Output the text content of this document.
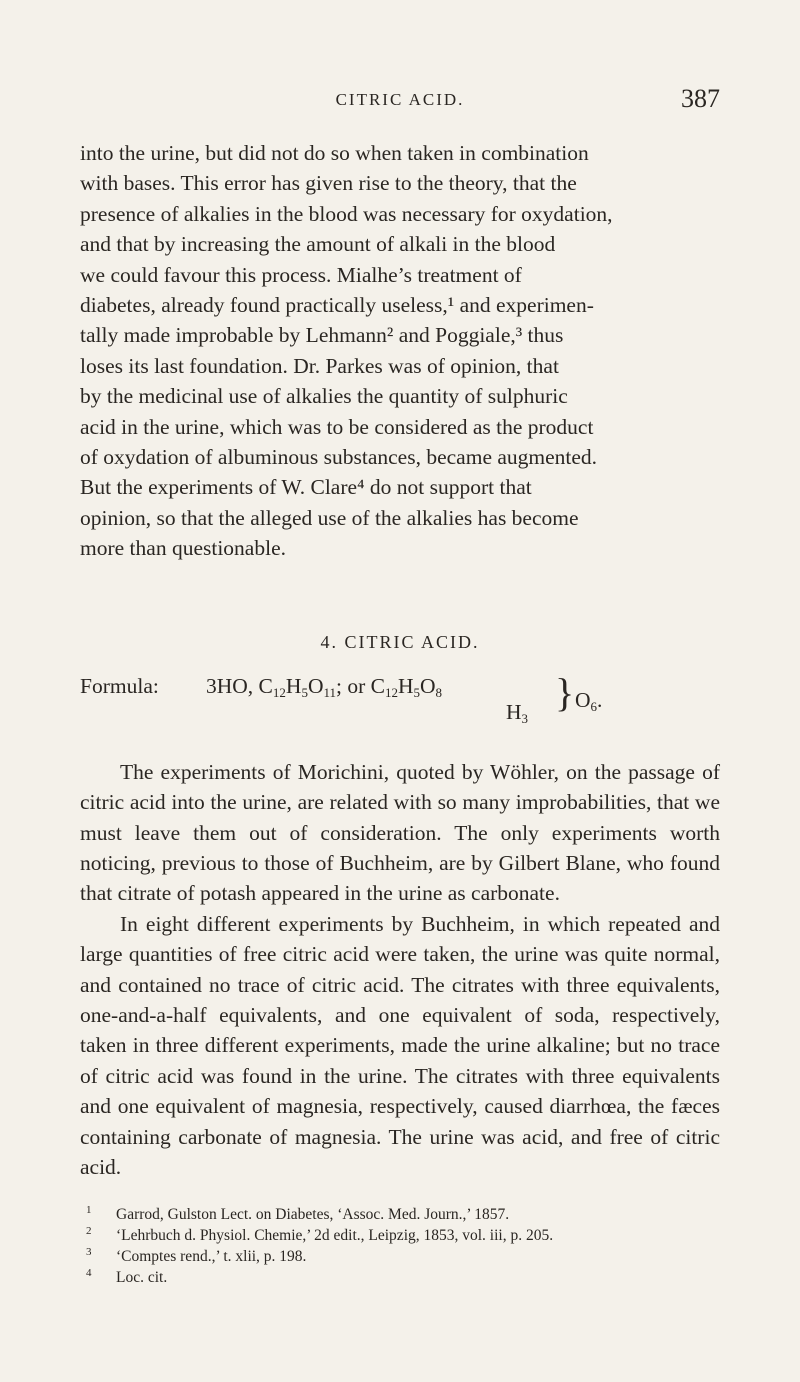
CITRIC ACID.	387
into the urine, but did not do so when taken in combination
with bases. This error has given rise to the theory, that the
presence of alkalies in the blood was necessary for oxydation,
and that by increasing the amount of alkali in the blood
we could favour this process. Mialhe’s treatment of
diabetes, already found practically useless,¹ and experimen-
tally made improbable by Lehmann² and Poggiale,³ thus
loses its last foundation. Dr. Parkes was of opinion, that
by the medicinal use of alkalies the quantity of sulphuric
acid in the urine, which was to be considered as the product
of oxydation of albuminous substances, became augmented.
But the experiments of W. Clare⁴ do not support that
opinion, so that the alleged use of the alkalies has become
more than questionable.
4. CITRIC ACID.
Formula: 3HO, $C_{12}H_5O_{11}$; or $C_{12}H_5O_8$
$H_3$
} $O_6$.

The experiments of Morichini, quoted by Wöhler, on the passage of citric acid into the urine, are related with so many improbabilities, that we must leave them out of consideration. The only experiments worth noticing, previous to those of Buchheim, are by Gilbert Blane, who found that citrate of potash appeared in the urine as carbonate.

In eight different experiments by Buchheim, in which repeated and large quantities of free citric acid were taken, the urine was quite normal, and contained no trace of citric acid. The citrates with three equivalents, one-and-a-half equivalents, and one equivalent of soda, respectively, taken in three different experiments, made the urine alkaline; but no trace of citric acid was found in the urine. The citrates with three equivalents and one equivalent of magnesia, respectively, caused diarrhœa, the fæces containing carbonate of magnesia. The urine was acid, and free of citric acid.

1 Garrod, Gulston Lect. on Diabetes, ‘Assoc. Med. Journ.,’ 1857.

2 ‘Lehrbuch d. Physiol. Chemie,’ 2d edit., Leipzig, 1853, vol. iii, p. 205.

3 ‘Comptes rend.,’ t. xlii, p. 198.

4 Loc. cit.
